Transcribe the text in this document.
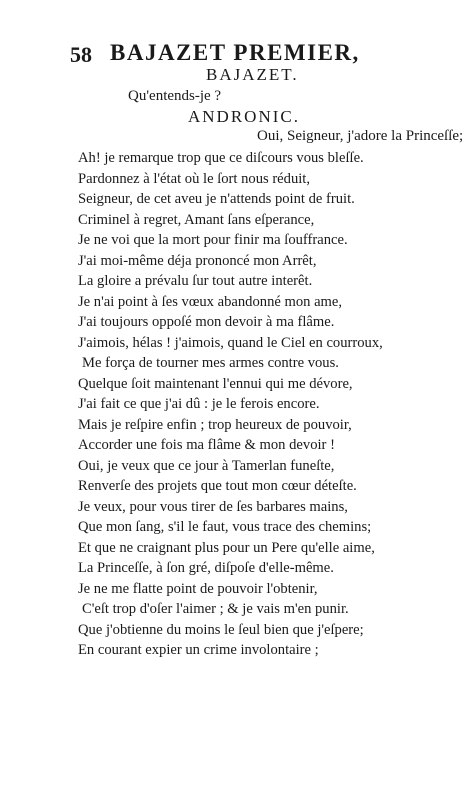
58 BAJAZET PREMIER,
BAJAZET.
Qu'entends-je ?
ANDRONIC.
Oui, Seigneur, j'adore la Princeſſe;
Ah! je remarque trop que ce diſcours vous bleſſe.
Pardonnez à l'état où le ſort nous réduit,
Seigneur, de cet aveu je n'attends point de fruit.
Criminel à regret, Amant ſans eſperance,
Je ne voi que la mort pour finir ma ſouffrance.
J'ai moi-même déja prononcé mon Arrêt,
La gloire a prévalu ſur tout autre interêt.
Je n'ai point à ſes vœux abandonné mon ame,
J'ai toujours oppoſé mon devoir à ma flâme.
J'aimois, hélas ! j'aimois, quand le Ciel en courroux,
Me força de tourner mes armes contre vous.
Quelque ſoit maintenant l'ennui qui me dévore,
J'ai fait ce que j'ai dû : je le ferois encore.
Mais je reſpire enfin ; trop heureux de pouvoir,
Accorder une fois ma flâme & mon devoir !
Oui, je veux que ce jour à Tamerlan funeſte,
Renverſe des projets que tout mon cœur déteſte.
Je veux, pour vous tirer de ſes barbares mains,
Que mon ſang, s'il le faut, vous trace des chemins;
Et que ne craignant plus pour un Pere qu'elle aime,
La Princeſſe, à ſon gré, diſpoſe d'elle-même.
Je ne me flatte point de pouvoir l'obtenir,
C'eſt trop d'oſer l'aimer ; & je vais m'en punir.
Que j'obtienne du moins le ſeul bien que j'eſpere;
En courant expier un crime involontaire ;
